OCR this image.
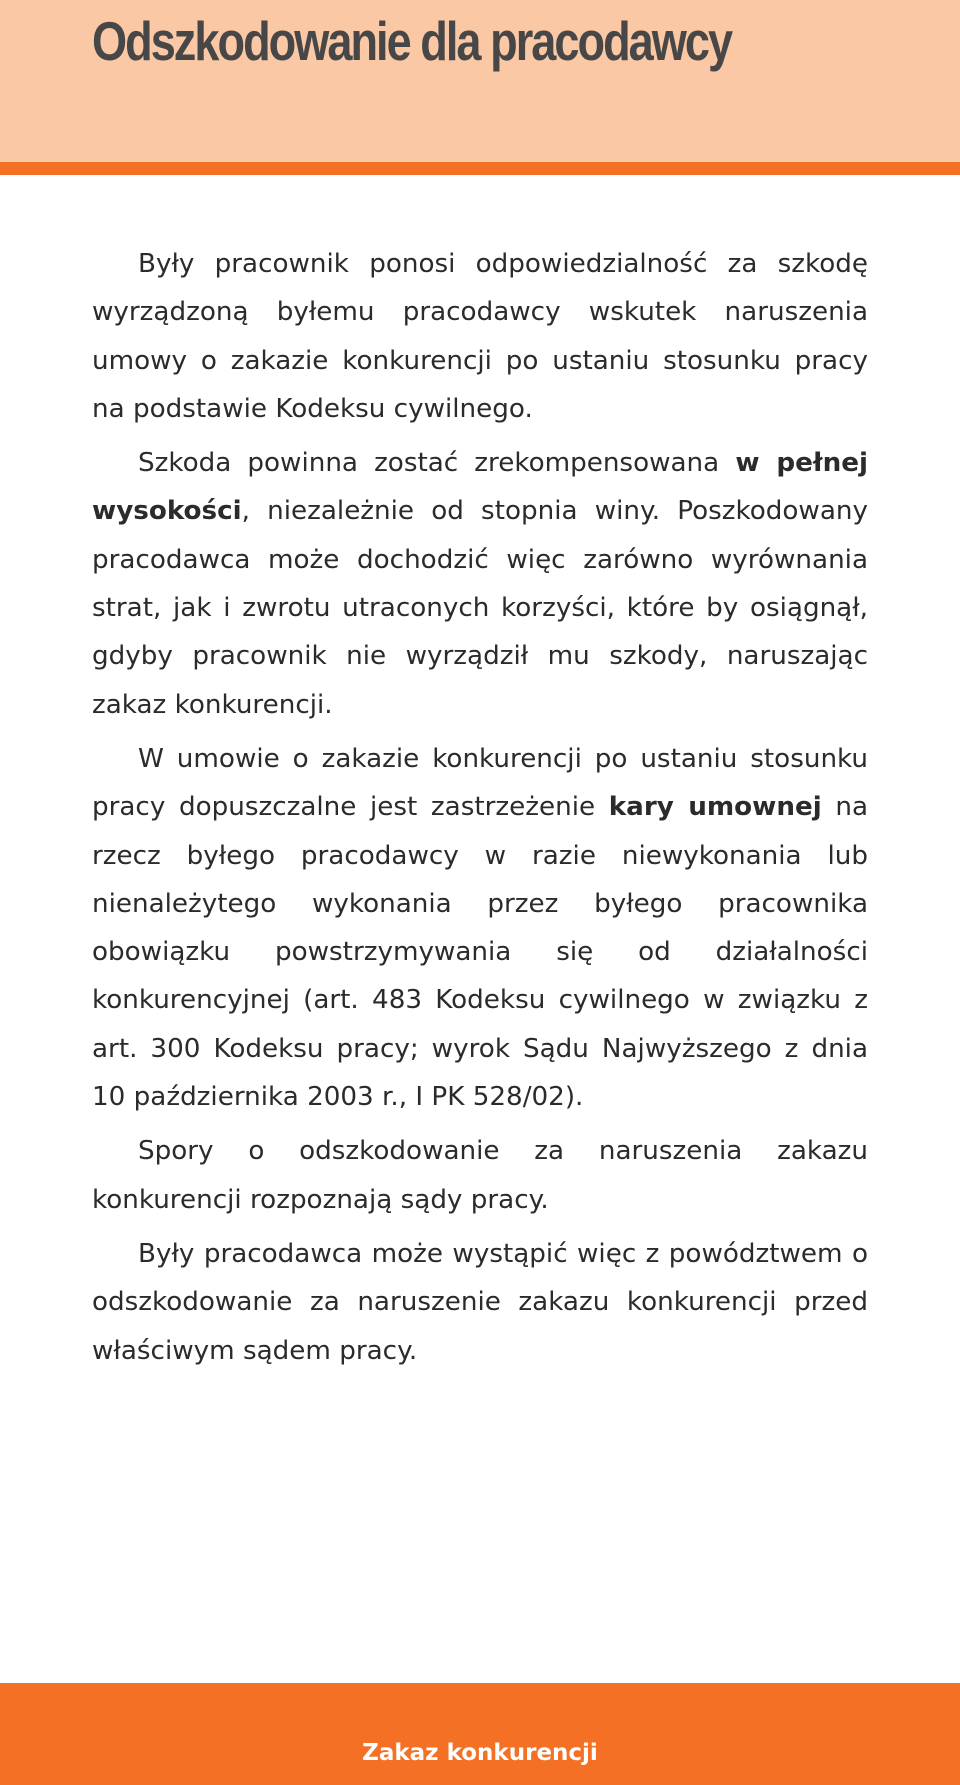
Odszkodowanie dla pracodawcy

Były pracownik ponosi odpowiedzialność za szkodę wyrządzoną byłemu pracodawcy wskutek naruszenia umowy o zakazie konkurencji po ustaniu stosunku pracy na podstawie Kodeksu cywilnego.

Szkoda powinna zostać zrekompensowana w pełnej wysokości, niezależnie od stopnia winy. Poszkodowany pracodawca może dochodzić więc zarówno wyrównania strat, jak i zwrotu utraconych korzyści, które by osiągnął, gdyby pracownik nie wyrządził mu szkody, naruszając zakaz konkurencji.

W umowie o zakazie konkurencji po ustaniu stosunku pracy dopuszczalne jest zastrzeżenie kary umownej na rzecz byłego pracodawcy w razie niewykonania lub nienależytego wykonania przez byłego pracownika obowiązku powstrzymywania się od działalności konkurencyjnej (art. 483 Kodeksu cywilnego w związku z art. 300 Kodeksu pracy; wyrok Sądu Najwyższego z dnia 10 października 2003 r., I PK 528/02).

Spory o odszkodowanie za naruszenia zakazu konkurencji rozpoznają sądy pracy.

Były pracodawca może wystąpić więc z powództwem o odszkodowanie za naruszenie zakazu konkurencji przed właściwym sądem pracy.

Zakaz konkurencji
